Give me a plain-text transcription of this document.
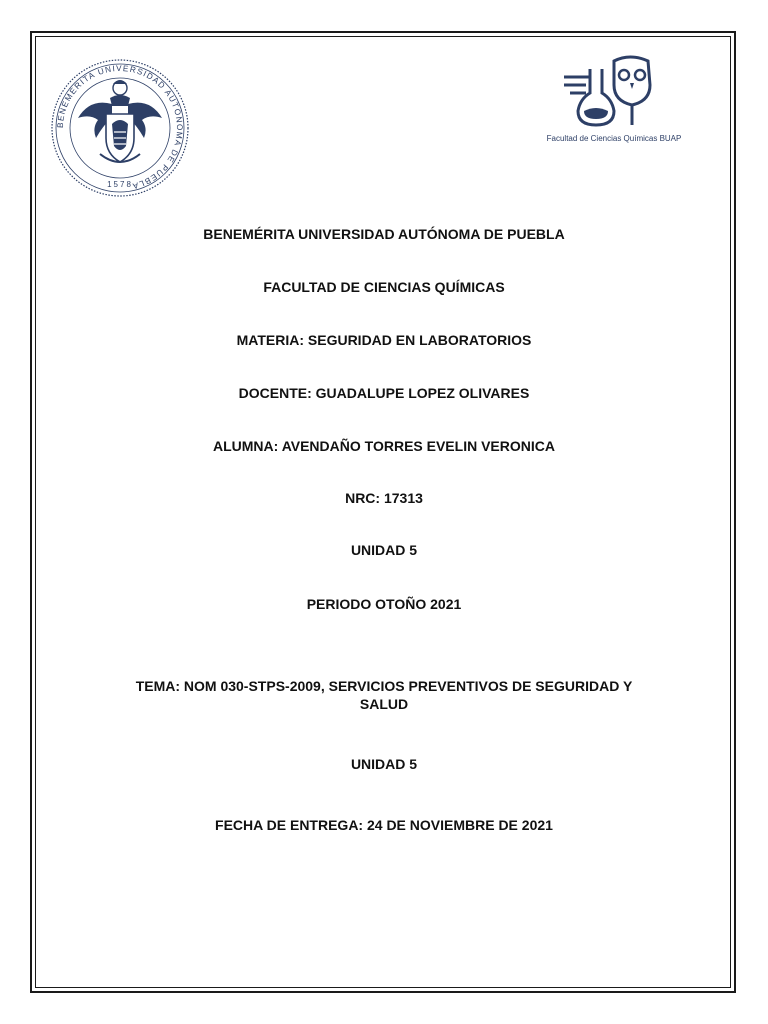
BENEMÉRITA UNIVERSIDAD AUTÓNOMA DE PUEBLA
1578
Facultad de Ciencias Químicas BUAP
BENEMÉRITA UNIVERSIDAD AUTÓNOMA DE PUEBLA
FACULTAD DE CIENCIAS QUÍMICAS
MATERIA: SEGURIDAD EN LABORATORIOS
DOCENTE: GUADALUPE LOPEZ OLIVARES
ALUMNA: AVENDAÑO TORRES EVELIN VERONICA
NRC: 17313
UNIDAD 5
PERIODO OTOÑO 2021
TEMA: NOM 030-STPS-2009, SERVICIOS PREVENTIVOS DE SEGURIDAD Y
SALUD
UNIDAD 5
FECHA DE ENTREGA: 24 DE NOVIEMBRE DE 2021
